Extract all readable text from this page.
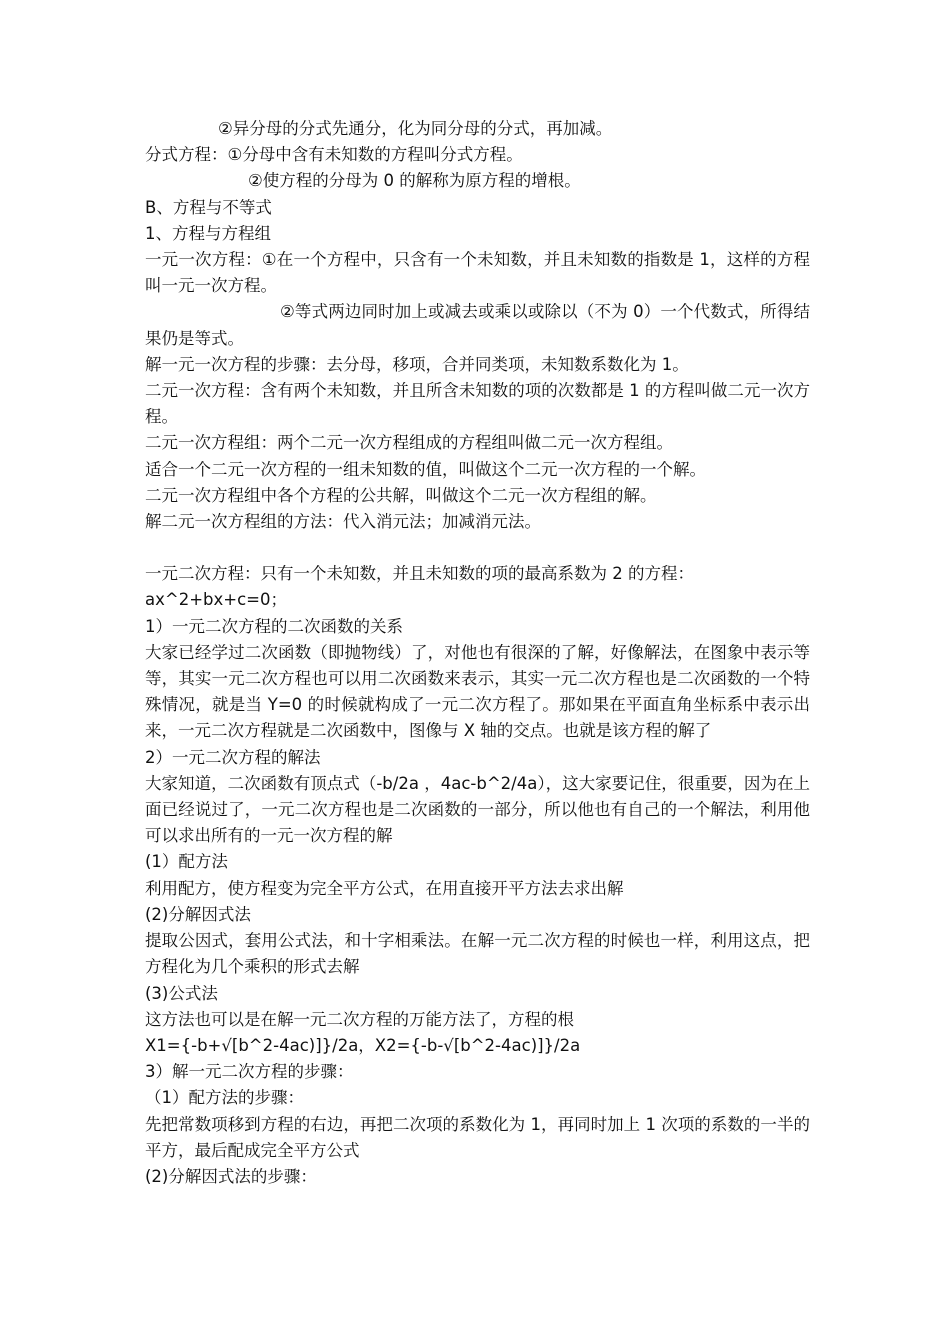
②异分母的分式先通分，化为同分母的分式，再加减。

分式方程：①分母中含有未知数的方程叫分式方程。

②使方程的分母为 0 的解称为原方程的增根。

B、方程与不等式

1、方程与方程组

一元一次方程：①在一个方程中，只含有一个未知数，并且未知数的指数是 1，这样的方程叫一元一次方程。

②等式两边同时加上或减去或乘以或除以（不为 0）一个代数式，所得结果仍是等式。

解一元一次方程的步骤：去分母，移项，合并同类项，未知数系数化为 1。

二元一次方程：含有两个未知数，并且所含未知数的项的次数都是 1 的方程叫做二元一次方程。

二元一次方程组：两个二元一次方程组成的方程组叫做二元一次方程组。

适合一个二元一次方程的一组未知数的值，叫做这个二元一次方程的一个解。

二元一次方程组中各个方程的公共解，叫做这个二元一次方程组的解。

解二元一次方程组的方法：代入消元法；加减消元法。

一元二次方程：只有一个未知数，并且未知数的项的最高系数为 2 的方程：

ax^2+bx+c=0；

1）一元二次方程的二次函数的关系

大家已经学过二次函数（即抛物线）了，对他也有很深的了解，好像解法，在图象中表示等等，其实一元二次方程也可以用二次函数来表示，其实一元二次方程也是二次函数的一个特殊情况，就是当 Y=0 的时候就构成了一元二次方程了。那如果在平面直角坐标系中表示出来，一元二次方程就是二次函数中，图像与 X 轴的交点。也就是该方程的解了

2）一元二次方程的解法

大家知道，二次函数有顶点式（-b/2a ，4ac-b^2/4a），这大家要记住，很重要，因为在上面已经说过了，一元二次方程也是二次函数的一部分，所以他也有自己的一个解法，利用他可以求出所有的一元一次方程的解

(1）配方法

利用配方，使方程变为完全平方公式，在用直接开平方法去求出解

(2)分解因式法

提取公因式，套用公式法，和十字相乘法。在解一元二次方程的时候也一样，利用这点，把方程化为几个乘积的形式去解

(3)公式法

这方法也可以是在解一元二次方程的万能方法了，方程的根

X1={-b+√[b^2-4ac)]}/2a，X2={-b-√[b^2-4ac)]}/2a

3）解一元二次方程的步骤：

（1）配方法的步骤：

先把常数项移到方程的右边，再把二次项的系数化为 1，再同时加上 1 次项的系数的一半的平方，最后配成完全平方公式

(2)分解因式法的步骤：
